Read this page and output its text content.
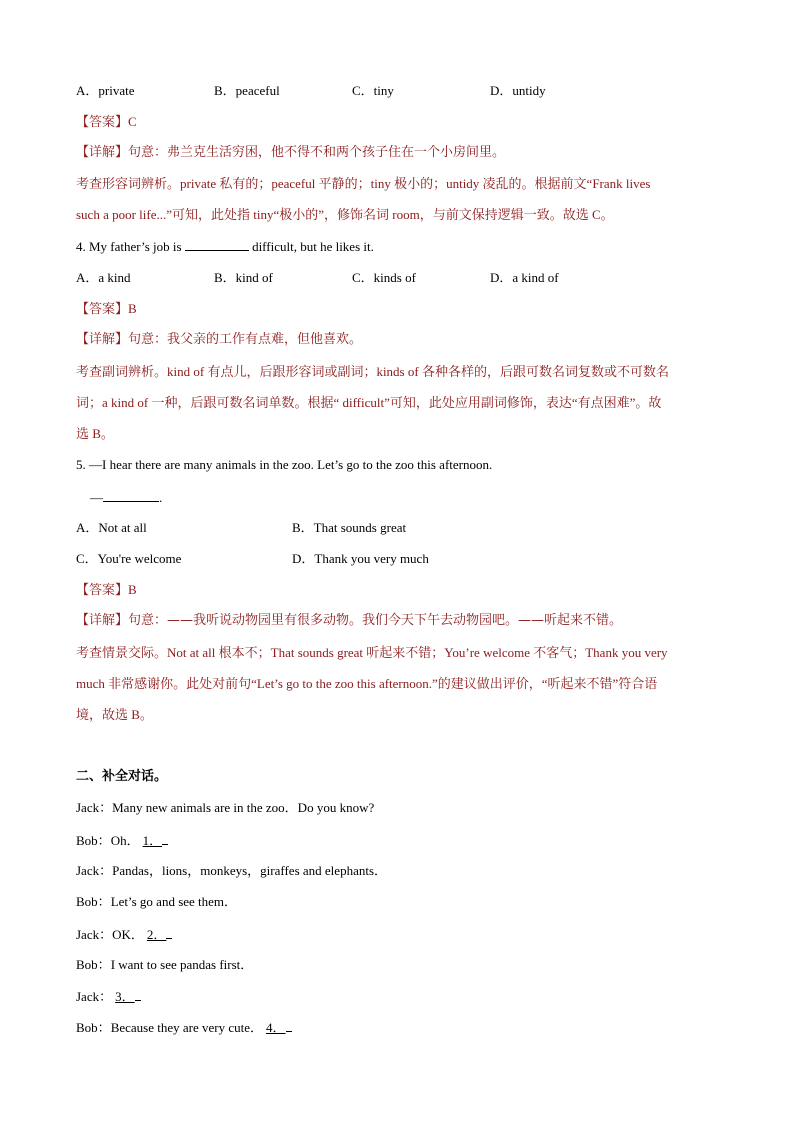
A．private	B．peaceful	C．tiny	D．untidy
【答案】C
【详解】句意：弗兰克生活穷困，他不得不和两个孩子住在一个小房间里。
考查形容词辨析。private 私有的；peaceful 平静的；tiny 极小的；untidy 凌乱的。根据前文“Frank lives
such a poor life...”可知，此处指 tiny“极小的”，修饰名词 room，与前文保持逻辑一致。故选 C。
4. My father’s job is	difficult, but he likes it.
A．a kind	B．kind of	C．kinds of	D．a kind of
【答案】B
【详解】句意：我父亲的工作有点难，但他喜欢。
考查副词辨析。kind of 有点儿，后跟形容词或副词；kinds of 各种各样的，后跟可数名词复数或不可数名
词；a kind of 一种，后跟可数名词单数。根据“ difficult”可知，此处应用副词修饰，表达“有点困难”。故
选 B。
5. —I hear there are many animals in the zoo. Let’s go to the zoo this afternoon.
—	.
A．Not at all	B．That sounds great
C．You're welcome	D．Thank you very much
【答案】B
【详解】句意：——我听说动物园里有很多动物。我们今天下午去动物园吧。——听起来不错。
考查情景交际。Not at all 根本不；That sounds great 听起来不错；You’re welcome 不客气；Thank you very
much 非常感谢你。此处对前句“Let’s go to the zoo this afternoon.”的建议做出评价，“听起来不错”符合语
境，故选 B。
二、补全对话。
Jack：Many new animals are in the zoo．Do you know?
Bob：Oh． 1．
Jack：Pandas，lions，monkeys，giraffes and elephants．
Bob：Let’s go and see them．
Jack：OK． 2．
Bob：I want to see pandas first．
Jack： 3．
Bob：Because they are very cute． 4．
